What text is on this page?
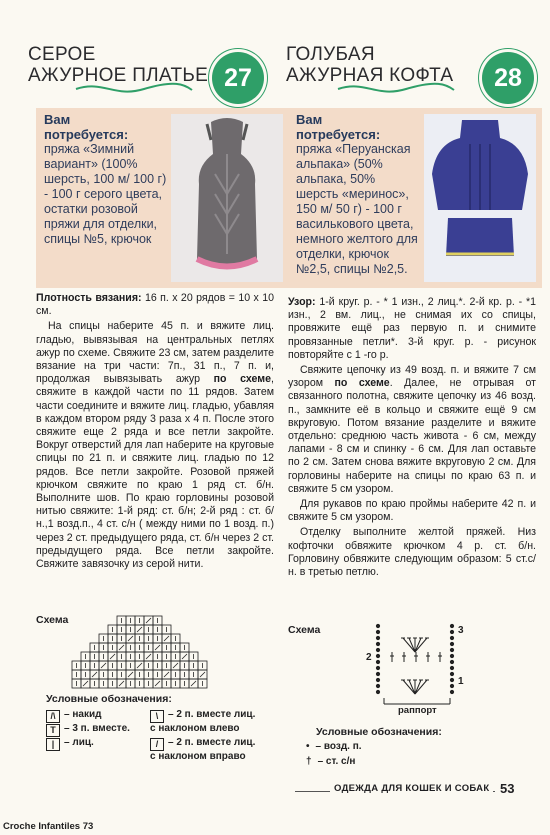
СЕРОЕ
АЖУРНОЕ ПЛАТЬЕ 27
Вам потребуется:
пряжа «Зимний вариант» (100% шерсть, 100 м/ 100 г) - 100 г серого цвета, остатки розовой пряжи для отделки, спицы №5, крючок

Плотность вязания: 16 п. х 20 рядов = 10 х 10 см.

На спицы наберите 45 п. и вяжите лиц. гладью, вывязывая на центральных петлях ажур по схеме. Свяжите 23 см, затем разделите вязание на три части: 7п., 31 п., 7 п. и, продолжая вывязывать ажур по схеме, свяжите в каждой части по 11 рядов. Затем части соедините и вяжите лиц. гладью, убавляя в каждом втором ряду 3 раза х 4 п. После этого свяжите еще 2 ряда и все петли закройте. Вокруг отверстий для лап наберите на круговые спицы по 21 п. и свяжите лиц. гладью по 12 рядов. Все петли закройте. Розовой пряжей крючком свяжите по краю 1 ряд ст. б/н. Выполните шов. По краю горловины розовой нитью свяжите: 1-й ряд: ст. б/н; 2-й ряд : ст. б/н.,1 возд.п., 4 ст. с/н ( между ними по 1 возд. п.) через 2 ст. предыдущего ряда, ст. б/н через 2 ст. предыдущего ряда. Все петли закройте. Свяжите завязочку из серой нити.

Схема
Условные обозначения:
/\ – накид
T – 3 п. вместе.
| – лиц.
\ – 2 п. вместе лиц. с наклоном влево
/ – 2 п. вместе лиц. с наклоном вправо
ГОЛУБАЯ
АЖУРНАЯ КОФТА	28
Вам потребуется:
пряжа «Перуанская альпака» (50% альпака, 50% шерсть «меринос», 150 м/ 50 г) - 100 г василькового цвета, немного желтого для отделки, крючок №2,5, спицы №2,5.

Узор: 1-й круг. р. - * 1 изн., 2 лиц.*. 2-й кр. р. - *1 изн., 2 вм. лиц., не снимая их со спицы, провяжите ещё раз первую п. и снимите провязанные петли*. 3-й круг. р. - рисунок повторяйте с 1 -го р.

Свяжите цепочку из 49 возд. п. и вяжите 7 см узором по схеме. Далее, не отрывая от связанного полотна, свяжите цепочку из 46 возд. п., замкните её в кольцо и свяжите ещё 9 см вкруговую. Потом вязание разделите и вяжите отдельно: среднюю часть живота - 6 см, между лапами - 8 см и спинку - 6 см. Для лап оставьте по 2 см. Затем снова вяжите вкруговую 2 см. Для горловины наберите на спицы по краю 63 п. и свяжите 5 см узором.

Для рукавов по краю проймы наберите 42 п. и свяжите 5 см узором.

Отделку выполните желтой пряжей. Низ кофточки обвяжите крючком 4 р. ст. б/н. Горловину обвяжите следующим образом: 5 ст.с/н. в третью петлю.

Схема	3
2
1
раппорт
Условные обозначения:
• – возд. п.
† – ст. с/н
ОДЕЖДА ДЛЯ КОШЕК И СОБАК 53
Croche Infantiles 73
